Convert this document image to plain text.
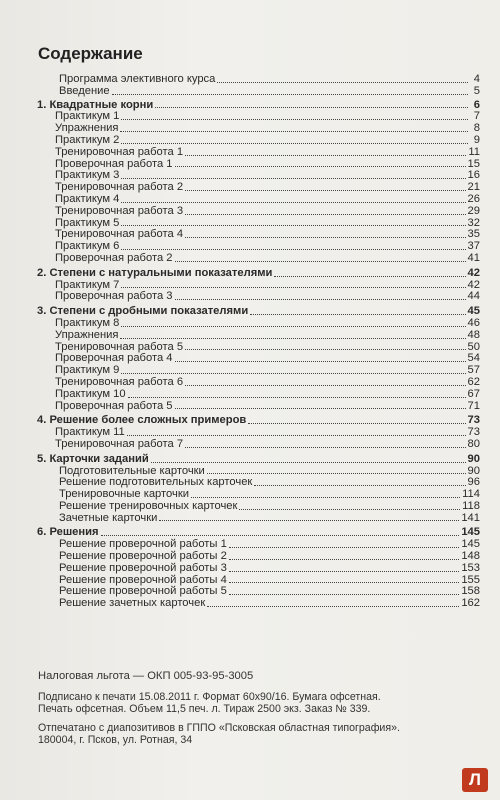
Содержание
Программа элективного курса	4
Введение	5
1. Квадратные корни	6
Практикум 1	7
Упражнения	8
Практикум 2	9
Тренировочная работа 1	11
Проверочная работа 1	15
Практикум 3	16
Тренировочная работа 2	21
Практикум 4	26
Тренировочная работа 3	29
Практикум 5	32
Тренировочная работа 4	35
Практикум 6	37
Проверочная работа 2	41
2. Степени с натуральными показателями	42
Практикум 7	42
Проверочная работа 3	44
3. Степени с дробными показателями	45
Практикум 8	46
Упражнения	48
Тренировочная работа 5	50
Проверочная работа 4	54
Практикум 9	57
Тренировочная работа 6	62
Практикум 10	67
Проверочная работа 5	71
4. Решение более сложных примеров	73
Практикум 11	73
Тренировочная работа 7	80
5. Карточки заданий	90
Подготовительные карточки	90
Решение подготовительных карточек	96
Тренировочные карточки	114
Решение тренировочных карточек	118
Зачетные карточки	141
6. Решения	145
Решение проверочной работы 1	145
Решение проверочной работы 2	148
Решение проверочной работы 3	153
Решение проверочной работы 4	155
Решение проверочной работы 5	158
Решение зачетных карточек	162
Налоговая льгота — ОКП 005-93-95-3005
Подписано к печати 15.08.2011 г. Формат 60x90/16. Бумага офсетная.
Печать офсетная. Объем 11,5 печ. л. Тираж 2500 экз. Заказ № 339.
Отпечатано с диапозитивов в ГППО «Псковская областная типография».
180004, г. Псков, ул. Ротная, 34
Л
